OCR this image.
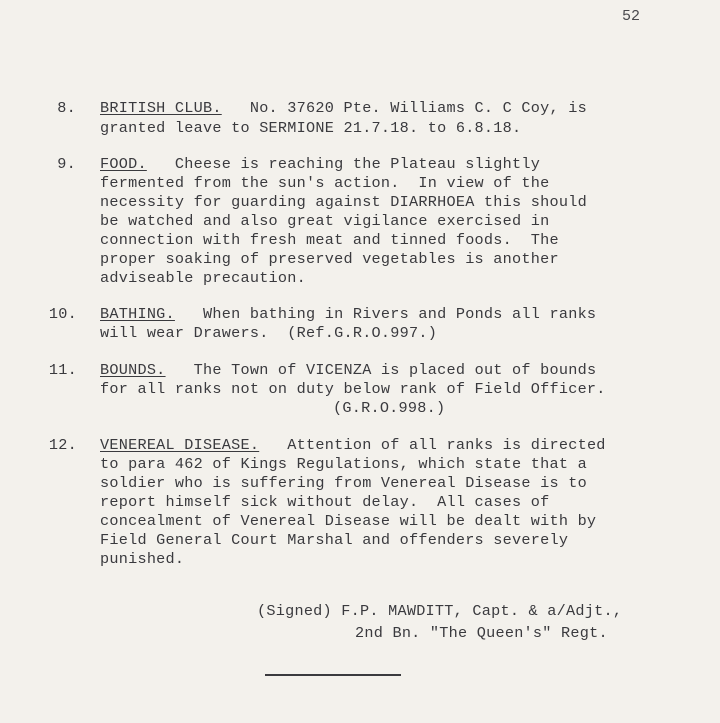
52
8. BRITISH CLUB.   No. 37620 Pte. Williams C. C Coy, is
granted leave to SERMIONE 21.7.18. to 6.8.18.
9. FOOD.   Cheese is reaching the Plateau slightly
fermented from the sun's action.  In view of the
necessity for guarding against DIARRHOEA this should
be watched and also great vigilance exercised in
connection with fresh meat and tinned foods.  The
proper soaking of preserved vegetables is another
adviseable precaution.
10. BATHING.   When bathing in Rivers and Ponds all ranks
will wear Drawers.  (Ref.G.R.O.997.)
11. BOUNDS.   The Town of VICENZA is placed out of bounds
for all ranks not on duty below rank of Field Officer.
(G.R.O.998.)
12. VENEREAL DISEASE.   Attention of all ranks is directed
to para 462 of Kings Regulations, which state that a
soldier who is suffering from Venereal Disease is to
report himself sick without delay.  All cases of
concealment of Venereal Disease will be dealt with by
Field General Court Marshal and offenders severely
punished.
(Signed) F.P. MAWDITT, Capt. & a/Adjt.,
2nd Bn. "The Queen's" Regt.
